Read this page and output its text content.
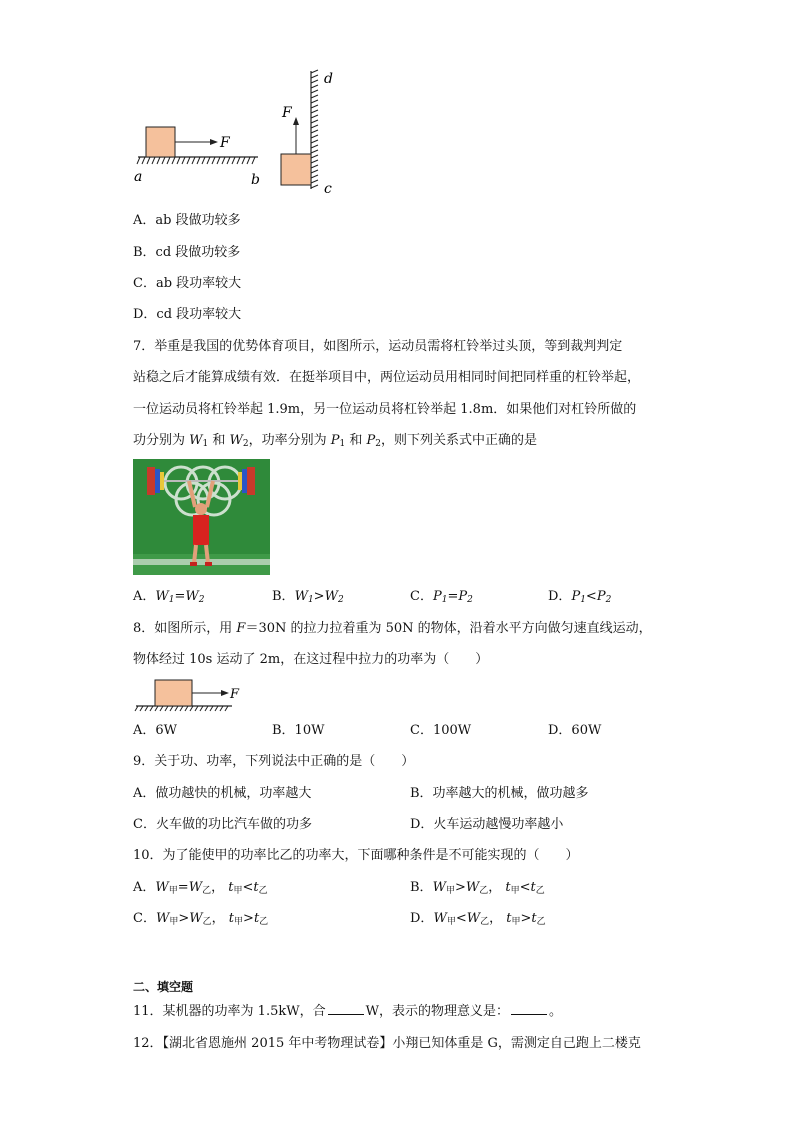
F
a	b
F
d
c
A．ab 段做功较多
B．cd 段做功较多
C．ab 段功率较大
D．cd 段功率较大
7．举重是我国的优势体育项目，如图所示，运动员需将杠铃举过头顶，等到裁判判定
站稳之后才能算成绩有效．在挺举项目中，两位运动员用相同时间把同样重的杠铃举起，
一位运动员将杠铃举起 1.9m，另一位运动员将杠铃举起 1.8m．如果他们对杠铃所做的
功分别为 $W_1$ 和 $W_2$，功率分别为 $P_1$ 和 $P_2$，则下列关系式中正确的是
A．$W_1=W_2$	B．$W_1>W_2$	C．$P_1=P_2$	D．$P_1<P_2$
8．如图所示，用 F＝30N 的拉力拉着重为 50N 的物体，沿着水平方向做匀速直线运动，
物体经过 10s 运动了 2m，在这过程中拉力的功率为（　　）
F
A．6W	B．10W	C．100W	D．60W
9．关于功、功率，下列说法中正确的是（　　）
A．做功越快的机械，功率越大	B．功率越大的机械，做功越多
C．火车做的功比汽车做的功多	D．火车运动越慢功率越小
10．为了能使甲的功率比乙的功率大，下面哪种条件是不可能实现的（　　）
A．$W_甲=W_乙$， $t_甲<t_乙$	B．$W_甲>W_乙$， $t_甲<t_乙$
C．$W_甲>W_乙$， $t_甲>t_乙$	D．$W_甲<W_乙$， $t_甲>t_乙$
二、填空题
11．某机器的功率为 1.5kW，合	W，表示的物理意义是：	。
12．【湖北省恩施州 2015 年中考物理试卷】小翔已知体重是 G，需测定自己跑上二楼克
